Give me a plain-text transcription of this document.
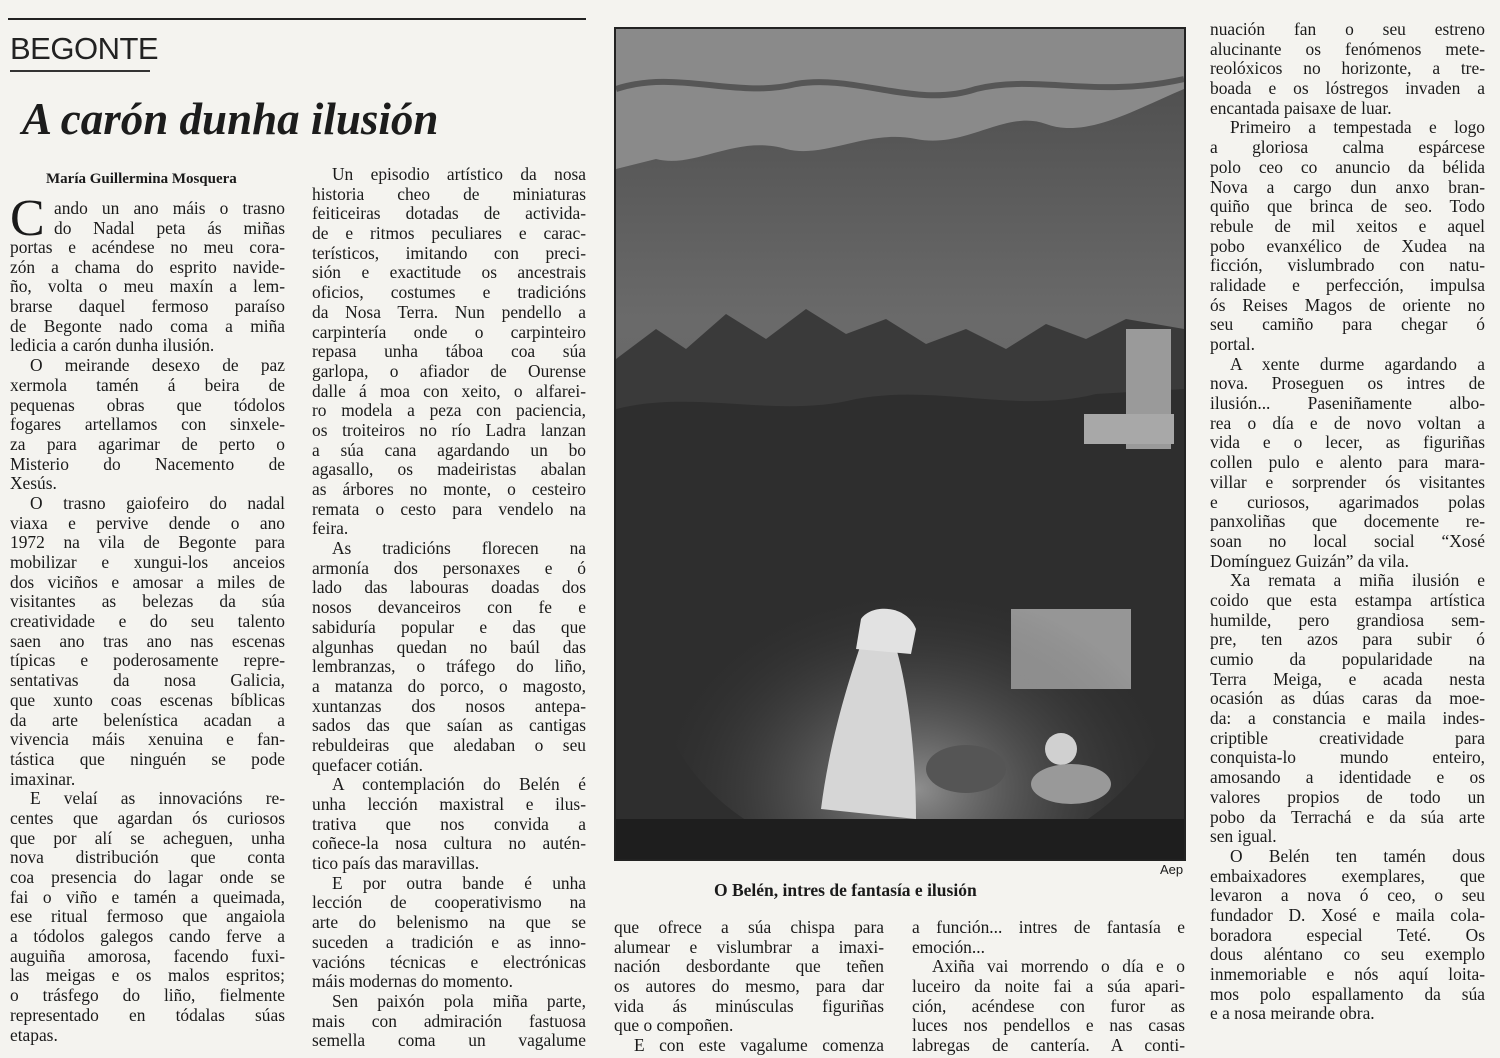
BEGONTE
A carón dunha ilusión
María Guillermina Mosquera
C ando un ano máis o trasno
do Nadal peta ás miñas
portas e acéndese no meu cora-
zón a chama do esprito navide-
ño, volta o meu maxín a lem-
brarse daquel fermoso paraíso
de Begonte nado coma a miña
ledicia a carón dunha ilusión.
O meirande desexo de paz
xermola tamén á beira de
pequenas obras que tódolos
fogares artellamos con sinxele-
za para agarimar de perto o
Misterio do Nacemento de
Xesús.
O trasno gaiofeiro do nadal
viaxa e pervive dende o ano
1972 na vila de Begonte para
mobilizar e xungui-los anceios
dos viciños e amosar a miles de
visitantes as belezas da súa
creatividade e do seu talento
saen ano tras ano nas escenas
típicas e poderosamente repre-
sentativas da nosa Galicia,
que xunto coas escenas bíblicas
da arte belenística acadan a
vivencia máis xenuina e fan-
tástica que ninguén se pode
imaxinar.
E velaí as innovacións re-
centes que agardan ós curiosos
que por alí se acheguen, unha
nova distribución que conta
coa presencia do lagar onde se
fai o viño e tamén a queimada,
ese ritual fermoso que angaiola
a tódolos galegos cando ferve a
auguiña amorosa, facendo fuxi-
las meigas e os malos espritos;
o trásfego do liño, fielmente
representado en tódalas súas
etapas.
Un episodio artístico da nosa
historia cheo de miniaturas
feiticeiras dotadas de activida-
de e ritmos peculiares e carac-
terísticos, imitando con preci-
sión e exactitude os ancestrais
oficios, costumes e tradicións
da Nosa Terra. Nun pendello a
carpintería onde o carpinteiro
repasa unha táboa coa súa
garlopa, o afiador de Ourense
dalle á moa con xeito, o alfarei-
ro modela a peza con paciencia,
os troiteiros no río Ladra lanzan
a súa cana agardando un bo
agasallo, os madeiristas abalan
as árbores no monte, o cesteiro
remata o cesto para vendelo na
feira.
As tradicións florecen na
armonía dos personaxes e ó
lado das labouras doadas dos
nosos devanceiros con fe e
sabiduría popular e das que
algunhas quedan no baúl das
lembranzas, o tráfego do liño,
a matanza do porco, o magosto,
xuntanzas dos nosos antepa-
sados das que saían as cantigas
rebuldeiras que aledaban o seu
quefacer cotián.
A contemplación do Belén é
unha lección maxistral e ilus-
trativa que nos convida a
coñece-la nosa cultura no autén-
tico país das maravillas.
E por outra bande é unha
lección de cooperativismo na
arte do belenismo na que se
suceden a tradición e as inno-
vacións técnicas e electrónicas
máis modernas do momento.
Sen paixón pola miña parte,
mais con admiración fastuosa
semella coma un vagalume
que ofrece a súa chispa para
alumear e vislumbrar a imaxi-
nación desbordante que teñen
os autores do mesmo, para dar
vida ás minúsculas figuriñas
que o compoñen.
E con este vagalume comenza
a función... intres de fantasía e
emoción...
Axiña vai morrendo o día e o
luceiro da noite fai a súa apari-
ción, acéndese con furor as
luces nos pendellos e nas casas
labregas de cantería. A conti-
nuación fan o seu estreno
alucinante os fenómenos mete-
reolóxicos no horizonte, a tre-
boada e os lóstregos invaden a
encantada paisaxe de luar.
Primeiro a tempestada e logo
a gloriosa calma espárcese
polo ceo co anuncio da bélida
Nova a cargo dun anxo bran-
quiño que brinca de seo. Todo
rebule de mil xeitos e aquel
pobo evanxélico de Xudea na
ficción, vislumbrado con natu-
ralidade e perfección, impulsa
ós Reises Magos de oriente no
seu camiño para chegar ó
portal.
A xente durme agardando a
nova. Proseguen os intres de
ilusión... Paseniñamente albo-
rea o día e de novo voltan a
vida e o lecer, as figuriñas
collen pulo e alento para mara-
villar e sorprender ós visitantes
e curiosos, agarimados polas
panxoliñas que docemente re-
soan no local social “Xosé
Domínguez Guizán” da vila.
Xa remata a miña ilusión e
coido que esta estampa artística
humilde, pero grandiosa sem-
pre, ten azos para subir ó
cumio da popularidade na
Terra Meiga, e acada nesta
ocasión as dúas caras da moe-
da: a constancia e maila indes-
criptible creatividade para
conquista-lo mundo enteiro,
amosando a identidade e os
valores propios de todo un
pobo da Terrachá e da súa arte
sen igual.
O Belén ten tamén dous
embaixadores exemplares, que
levaron a nova ó ceo, o seu
fundador D. Xosé e maila cola-
boradora especial Teté. Os
dous aléntano co seu exemplo
inmemoriable e nós aquí loita-
mos polo espallamento da súa
e a nosa meirande obra.
Aep
O Belén, intres de fantasía e ilusión
